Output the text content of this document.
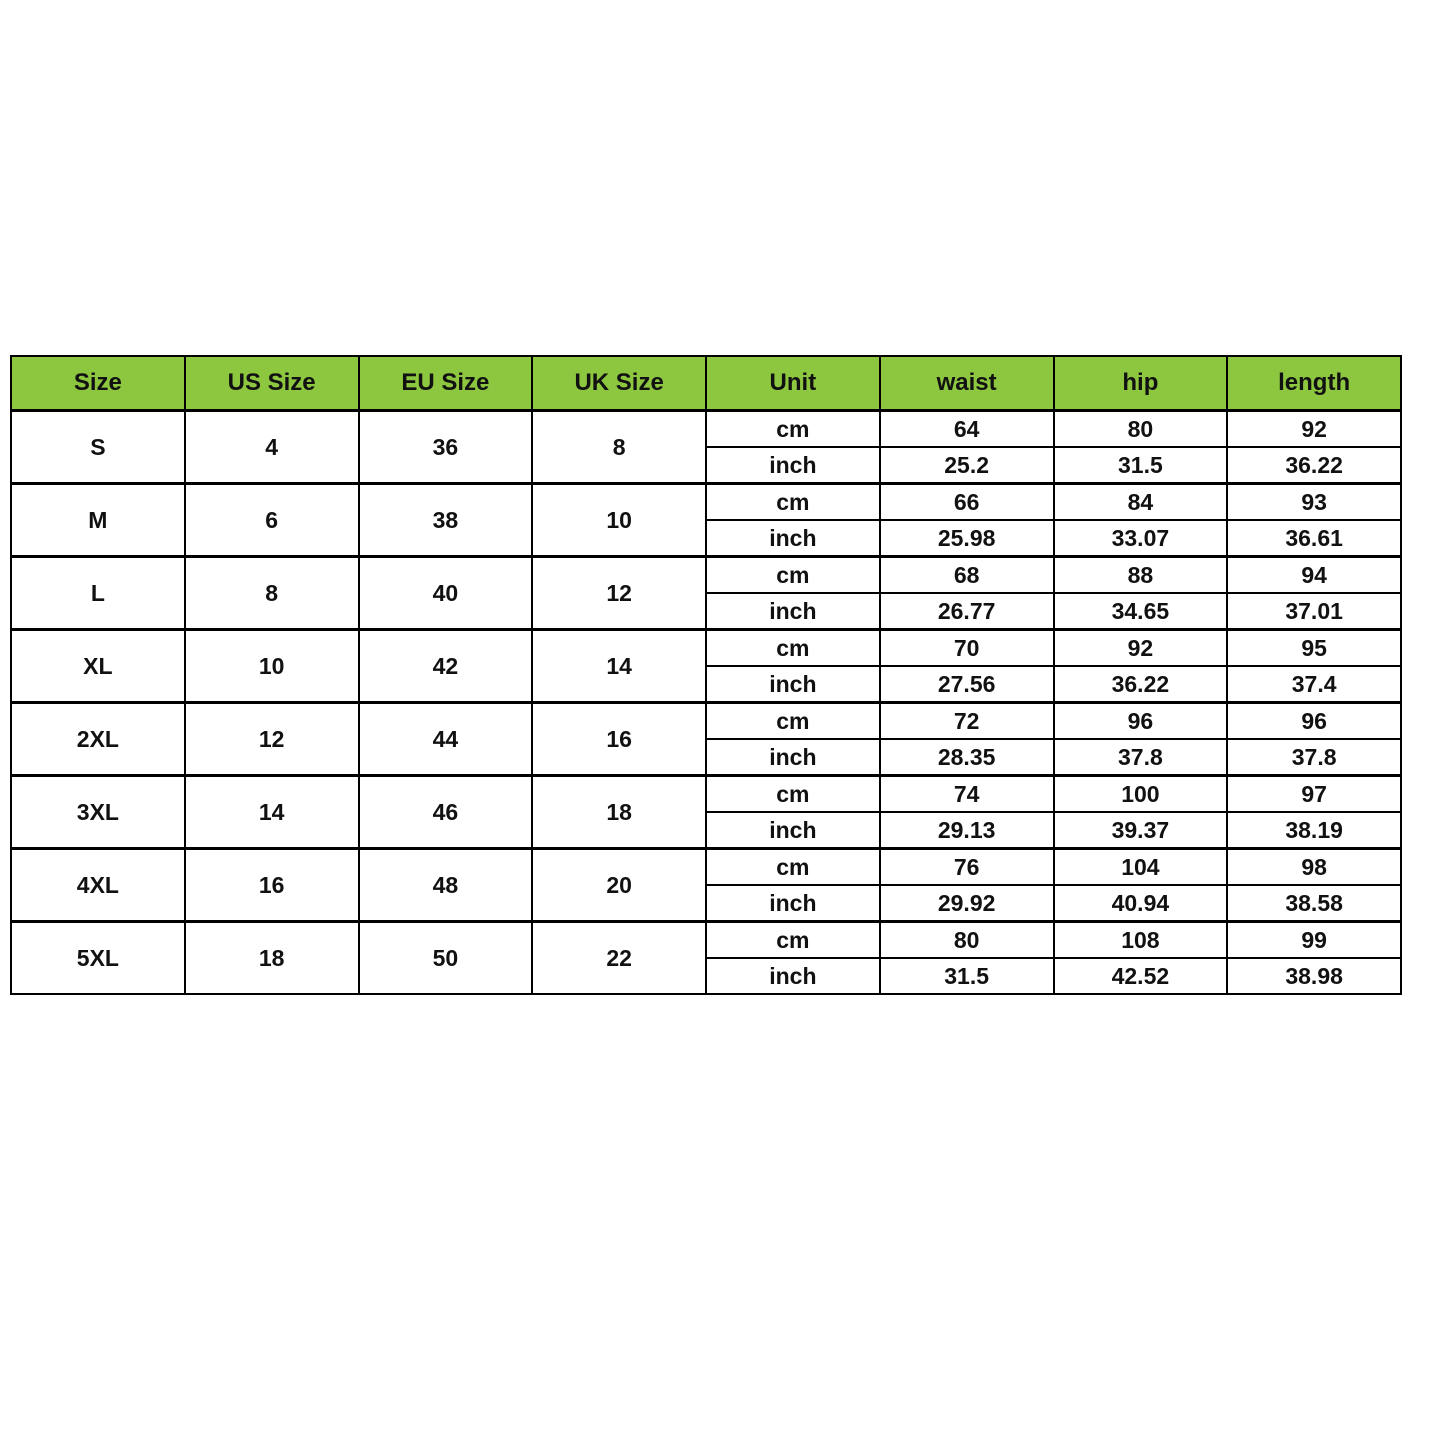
Size	US Size	EU Size	UK Size	Unit	waist	hip	length
S	4	36	8	cm	64	80	92
				inch	25.2	31.5	36.22
M	6	38	10	cm	66	84	93
				inch	25.98	33.07	36.61
L	8	40	12	cm	68	88	94
				inch	26.77	34.65	37.01
XL	10	42	14	cm	70	92	95
				inch	27.56	36.22	37.4
2XL	12	44	16	cm	72	96	96
				inch	28.35	37.8	37.8
3XL	14	46	18	cm	74	100	97
				inch	29.13	39.37	38.19
4XL	16	48	20	cm	76	104	98
				inch	29.92	40.94	38.58
5XL	18	50	22	cm	80	108	99
				inch	31.5	42.52	38.98
